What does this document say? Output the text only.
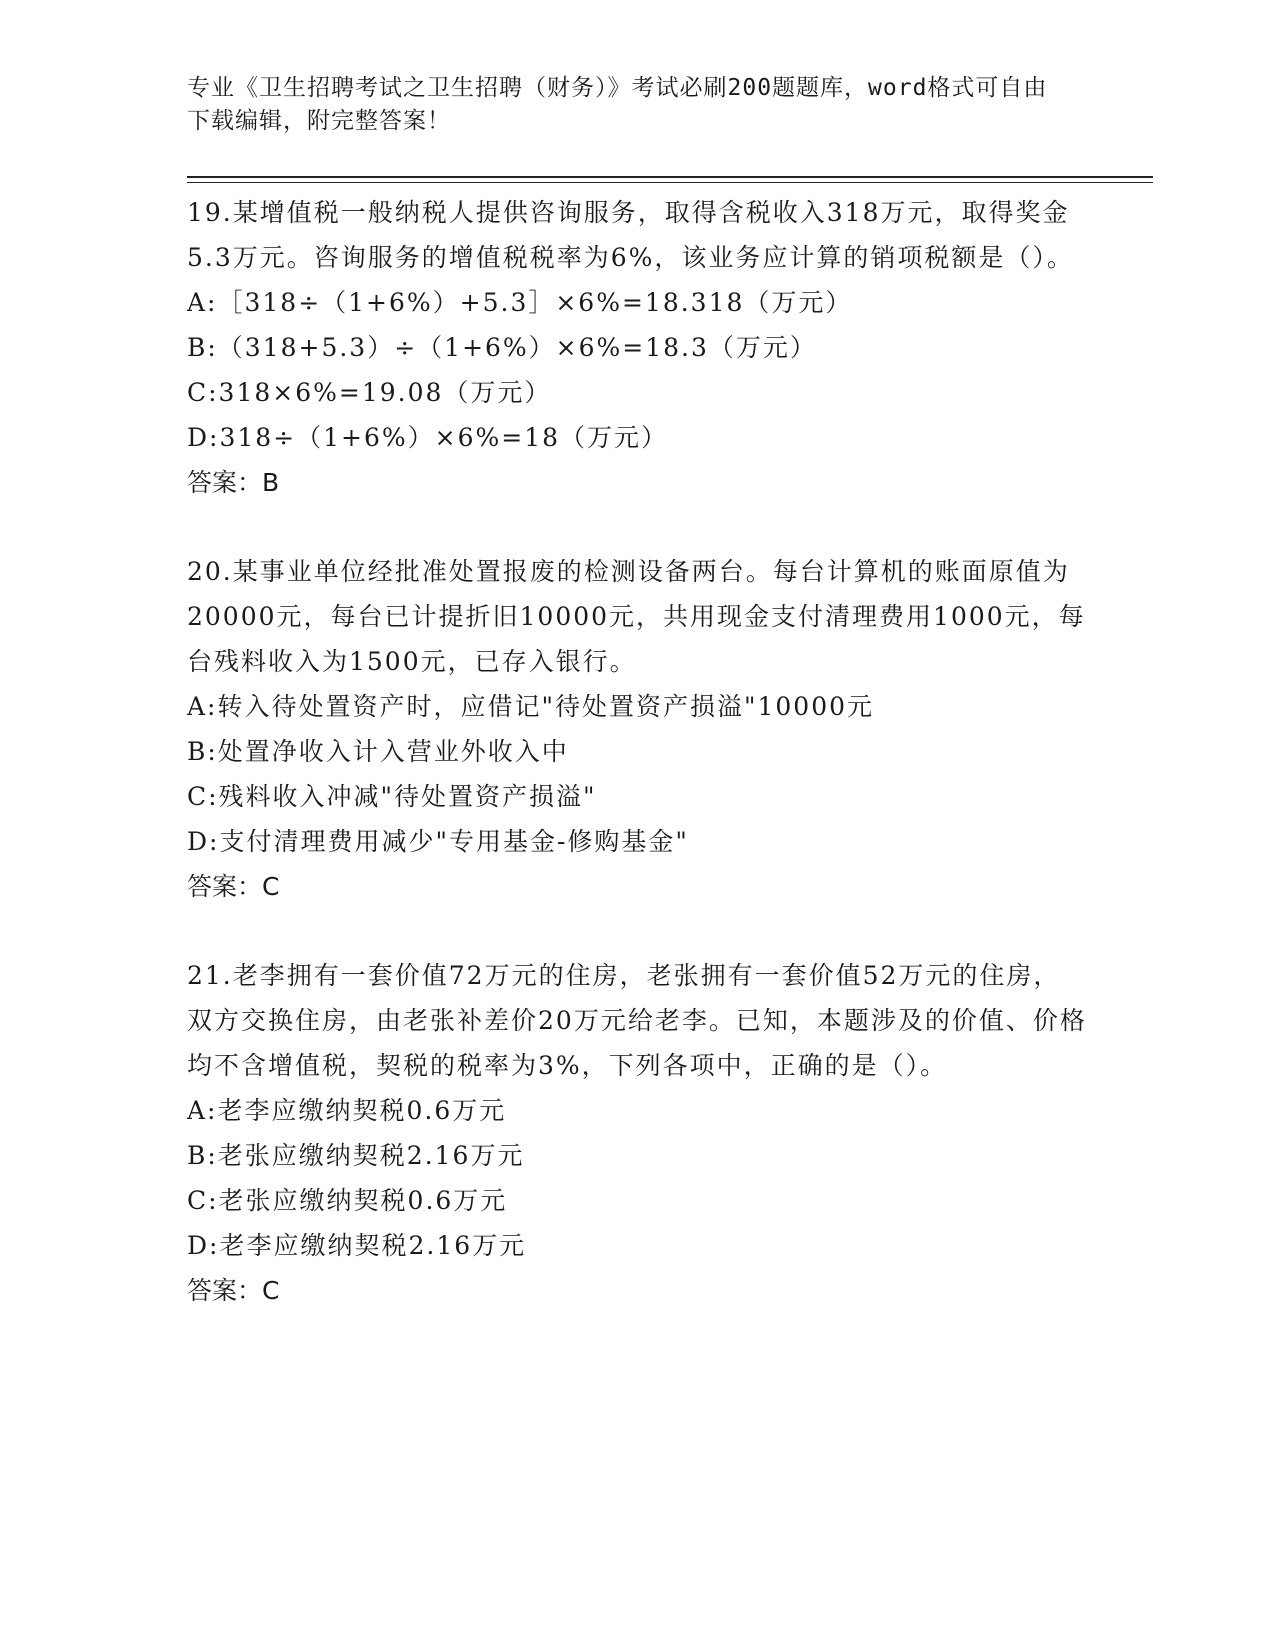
专业《卫生招聘考试之卫生招聘（财务）》考试必刷200题题库，word格式可自由下载编辑，附完整答案！

19.某增值税一般纳税人提供咨询服务，取得含税收入318万元，取得奖金5.3万元。咨询服务的增值税税率为6%，该业务应计算的销项税额是（）。

A:［318÷（1+6%）+5.3］×6%=18.318（万元）

B:（318+5.3）÷（1+6%）×6%=18.3（万元）

C:318×6%=19.08（万元）

D:318÷（1+6%）×6%=18（万元）

答案：B

20.某事业单位经批准处置报废的检测设备两台。每台计算机的账面原值为20000元，每台已计提折旧10000元，共用现金支付清理费用1000元，每台残料收入为1500元，已存入银行。

A:转入待处置资产时，应借记"待处置资产损溢"10000元

B:处置净收入计入营业外收入中

C:残料收入冲减"待处置资产损溢"

D:支付清理费用减少"专用基金-修购基金"

答案：C

21.老李拥有一套价值72万元的住房，老张拥有一套价值52万元的住房，双方交换住房，由老张补差价20万元给老李。已知，本题涉及的价值、价格均不含增值税，契税的税率为3%，下列各项中，正确的是（）。

A:老李应缴纳契税0.6万元

B:老张应缴纳契税2.16万元

C:老张应缴纳契税0.6万元

D:老李应缴纳契税2.16万元

答案：C
